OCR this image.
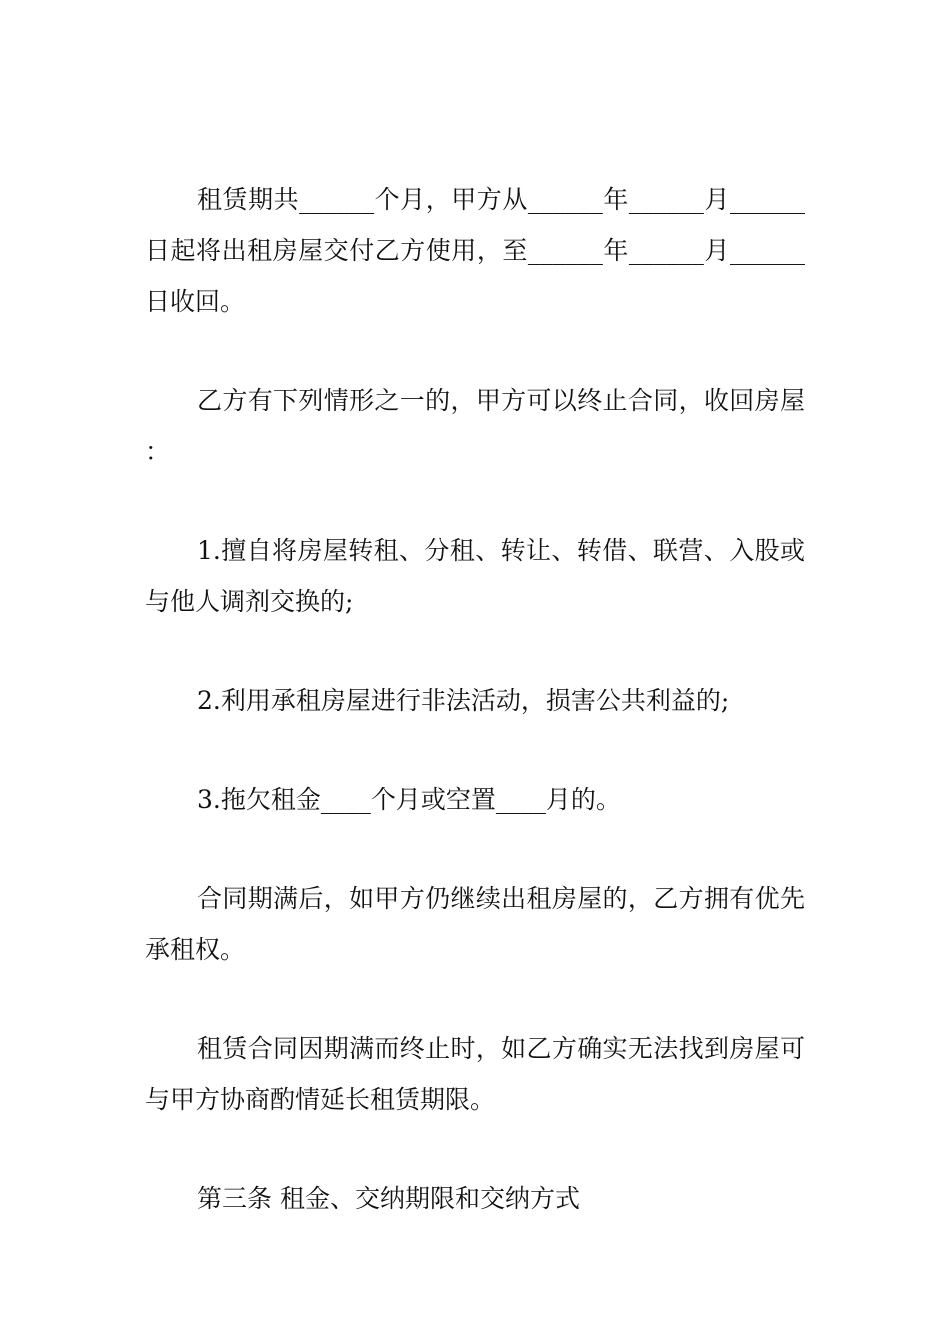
租赁期共______个月，甲方从______年______月______日起将出租房屋交付乙方使用，至______年______月______日收回。

乙方有下列情形之一的，甲方可以终止合同，收回房屋：

1.擅自将房屋转租、分租、转让、转借、联营、入股或与他人调剂交换的;

2.利用承租房屋进行非法活动，损害公共利益的;

3.拖欠租金____个月或空置____月的。

合同期满后，如甲方仍继续出租房屋的，乙方拥有优先承租权。

租赁合同因期满而终止时，如乙方确实无法找到房屋可与甲方协商酌情延长租赁期限。

第三条 租金、交纳期限和交纳方式
